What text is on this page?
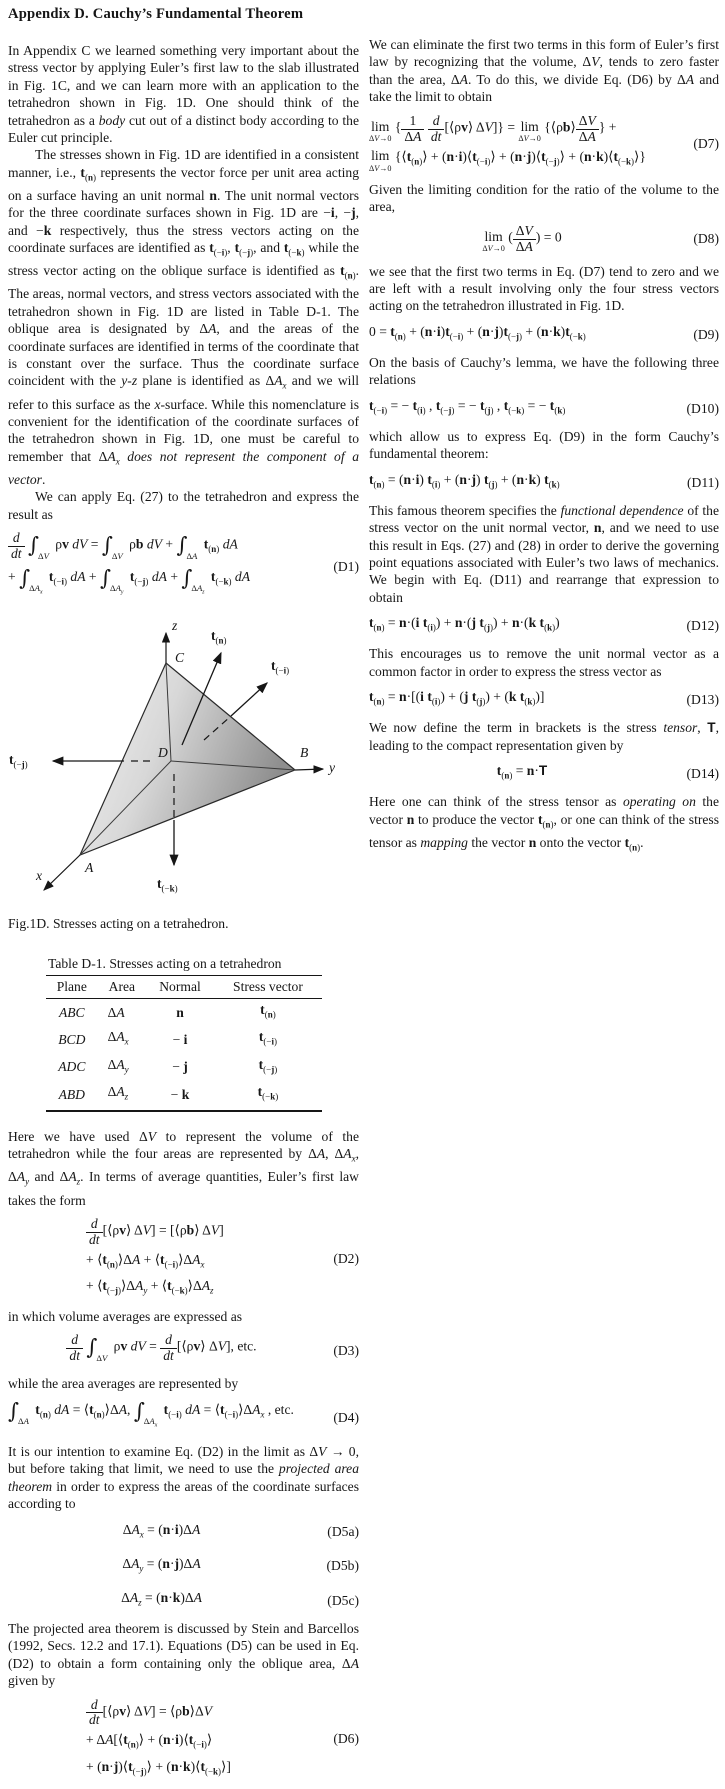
Appendix D. Cauchy’s Fundamental Theorem

In Appendix C we learned something very important about the stress vector by applying Euler’s first law to the slab illustrated in Fig. 1C, and we can learn more with an application to the tetrahedron shown in Fig. 1D. One should think of the tetrahedron as a body cut out of a distinct body according to the Euler cut principle.

The stresses shown in Fig. 1D are identified in a consistent manner, i.e., $t_{(n)}$ represents the vector force per unit area acting on a surface having an unit normal n. The unit normal vectors for the three coordinate surfaces shown in Fig. 1D are −i, −j, and −k respectively, thus the stress vectors acting on the coordinate surfaces are identified as $t_{(-i)}$, $t_{(-j)}$, and $t_{(-k)}$ while the stress vector acting on the oblique surface is identified as $t_{(n)}$. The areas, normal vectors, and stress vectors associated with the tetrahedron shown in Fig. 1D are listed in Table D-1. The oblique area is designated by ΔA, and the areas of the coordinate surfaces are identified in terms of the coordinate that is constant over the surface. Thus the coordinate surface coincident with the y-z plane is identified as $\Delta A_x$ and we will refer to this surface as the x-surface. While this nomenclature is convenient for the identification of the coordinate surfaces of the tetrahedron shown in Fig. 1D, one must be careful to remember that $\Delta A_x$ does not represent the component of a vector.

We can apply Eq. (27) to the tetrahedron and express the result as

$\frac{d}{dt} \int_{\Delta V}$ ρv dV = $\int_{\Delta V}$ ρb dV + $\int_{\Delta A}$ $t_{(n)}$ dA
+ $\int_{\Delta A_x}$ $t_{(-i)}$ dA + $\int_{\Delta A_y}$ $t_{(-j)}$ dA + $\int_{\Delta A_z}$ $t_{(-k)}$ dA
(D1)
z
C
$t_{(n)}$
$t_{(-i)}$
B
y
D
$t_{(-j)}$
A
x
$t_{(-k)}$

Fig.1D. Stresses acting on a tetrahedron.

Table D-1. Stresses acting on a tetrahedron
Plane	Area	Normal	Stress vector
ABC	ΔA	n	$t_{(n)}$
BCD	$\Delta A_x$	− i	$t_{(-i)}$
ADC	$\Delta A_y$	− j	$t_{(-j)}$
ABD	$\Delta A_z$	− k	$t_{(-k)}$

Here we have used ΔV to represent the volume of the tetrahedron while the four areas are represented by ΔA, $\Delta A_x$, $\Delta A_y$ and $\Delta A_z$. In terms of average quantities, Euler’s first law takes the form

$\frac{d}{dt}$ [⟨ρv⟩ ΔV] = [⟨ρb⟩ ΔV]
+ $⟨t_{(n)}⟩\Delta A$ + $⟨t_{(-i)}⟩\Delta A_x$
+ $⟨t_{(-j)}⟩\Delta A_y$ + $⟨t_{(-k)}⟩\Delta A_z$
(D2)

in which volume averages are expressed as

$\frac{d}{dt} \int_{\Delta V}$ ρv dV = $\frac{d}{dt}$ [⟨ρv⟩ ΔV], etc.	(D3)

while the area averages are represented by

$\int_{\Delta A}$ $t_{(n)}$ dA = $⟨t_{(n)}⟩\Delta A$, $\int_{\Delta A_x}$ $t_{(-i)}$ dA = $⟨t_{(-i)}⟩\Delta A_x$ , etc.
(D4)

It is our intention to examine Eq. (D2) in the limit as ΔV → 0, but before taking that limit, we need to use the projected area theorem in order to express the areas of the coordinate surfaces according to

$\Delta A_x = (n\cdot i)\Delta A$	(D5a)
$\Delta A_y = (n\cdot j)\Delta A$	(D5b)
$\Delta A_z = (n\cdot k)\Delta A$	(D5c)

The projected area theorem is discussed by Stein and Barcellos (1992, Secs. 12.2 and 17.1). Equations (D5) can be used in Eq. (D2) to obtain a form containing only the oblique area, ΔA given by

$\frac{d}{dt}$ [⟨ρv⟩ ΔV] = ⟨ρb⟩ΔV
+ $\Delta A[⟨t_{(n)}⟩$ + $(n\cdot i)⟨t_{(-i)}⟩$
+ $(n\cdot j)⟨t_{(-j)}⟩$ + $(n\cdot k)⟨t_{(-k)}⟩$]
(D6)

We can eliminate the first two terms in this form of Euler’s first law by recognizing that the volume, ΔV, tends to zero faster than the area, ΔA. To do this, we divide Eq. (D6) by ΔA and take the limit to obtain

lim
ΔV→0
{ $\frac{1}{\Delta A}$
$\frac{d}{dt}$ [⟨ρv⟩ ΔV]} = lim
ΔV→0
{⟨ρb⟩ $\frac{\Delta V}{\Delta A}$ } +
lim
ΔV→0
{$⟨t_{(n)}⟩$ + $(n\cdot i)⟨t_{(-i)}⟩$ + $(n\cdot j)⟨t_{(-j)}⟩$ + $(n\cdot k)⟨t_{(-k)}⟩$}
(D7)

Given the limiting condition for the ratio of the volume to the area,

lim
ΔV→0
( $\frac{\Delta V}{\Delta A}$ ) = 0	(D8)

we see that the first two terms in Eq. (D7) tend to zero and we are left with a result involving only the four stress vectors acting on the tetrahedron illustrated in Fig. 1D.

$0 = t_{(n)} + (n\cdot i)t_{(-i)} + (n\cdot j)t_{(-j)} + (n\cdot k)t_{(-k)}$	(D9)

On the basis of Cauchy’s lemma, we have the following three relations

$t_{(-i)}$ = − $t_{(i)}$ , $t_{(-j)}$ = − $t_{(j)}$ , $t_{(-k)}$ = − $t_{(k)}$	(D10)

which allow us to express Eq. (D9) in the form Cauchy’s fundamental theorem:

$t_{(n)} = (n\cdot i) t_{(i)} + (n\cdot j) t_{(j)} + (n\cdot k)$ $t_{(k)}$	(D11)

This famous theorem specifies the functional dependence of the stress vector on the unit normal vector, n, and we need to use this result in Eqs. (27) and (28) in order to derive the governing point equations associated with Euler’s two laws of mechanics. We begin with Eq. (D11) and rearrange that expression to obtain

$t_{(n)} = n\cdot(i$ $t_{(i)}) + n\cdot(j$ $t_{(j)}) + n\cdot(k$ $t_{(k)}$)	(D12)

This encourages us to remove the unit normal vector as a common factor in order to express the stress vector as

$t_{(n)} = n\cdot[(i$ $t_{(i)}) + (j$ $t_{(j)}) + (k$ $t_{(k)}$)]	(D13)

We now define the term in brackets is the stress tensor, T, leading to the compact representation given by

$t_{(n)} = n\cdot T$	(D14)

Here one can think of the stress tensor as operating on the vector n to produce the vector $t_{(n)}$, or one can think of the stress tensor as mapping the vector n onto the vector $t_{(n)}$.
